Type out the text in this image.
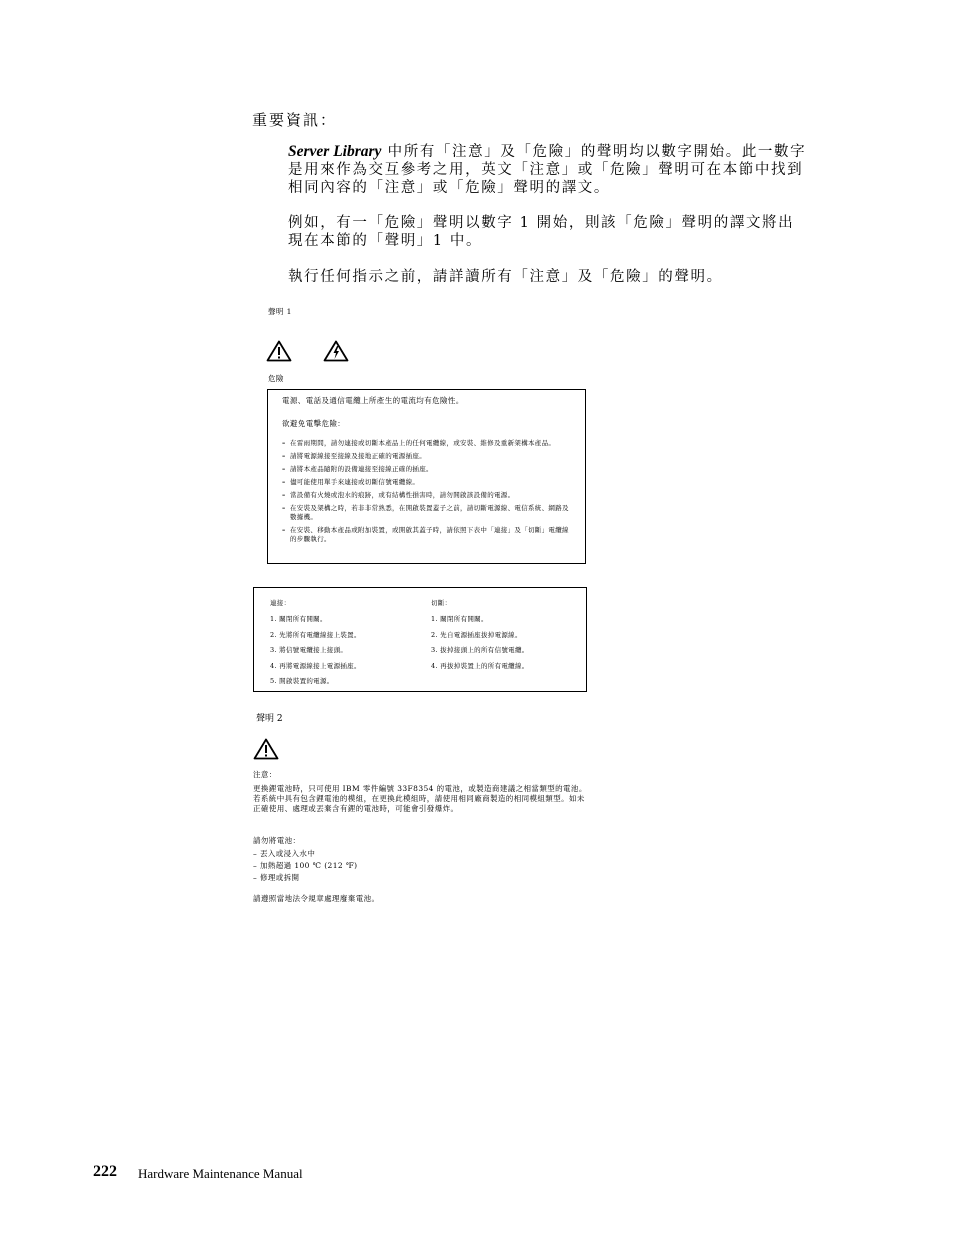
重要資訊：
Server Library 中所有「注意」及「危險」的聲明均以數字開始。此一數字是用來作為交互參考之用，英文「注意」或「危險」聲明可在本節中找到相同內容的「注意」或「危險」聲明的譯文。
例如，有一「危險」聲明以數字 1 開始，則該「危險」聲明的譯文將出現在本節的「聲明」1 中。
執行任何指示之前，請詳讀所有「注意」及「危險」的聲明。
聲明 1
危險
電源、電話及通信電纜上所產生的電流均有危險性。
欲避免電擊危險：
– 在雷雨期間，請勿連接或切斷本產品上的任何電纜線，或安裝、維修及重新架構本產品。
– 請將電源線接至接線及接地正確的電源插座。
– 請將本產品隨附的設備連接至接線正確的插座。
– 儘可能使用單手來連接或切斷信號電纜線。
– 當設備有火燒或泡水的痕跡，或有結構性損害時，請勿開啟該設備的電源。
– 在安裝及架構之時，若非非常熟悉，在開啟裝置蓋子之前，請切斷電源線、電信系統、網路及數據機。
– 在安裝、移動本產品或附加裝置，或開啟其蓋子時，請依照下表中「連接」及「切斷」電纜線的步驟執行。
連接：	切斷：
1. 關閉所有開關。
2. 先將所有電纜線接上裝置。
3. 將信號電纜接上接頭。
4. 再將電源線接上電源插座。
5. 開啟裝置的電源。
1. 關閉所有開關。
2. 先自電源插座拔掉電源線。
3. 拔掉接頭上的所有信號電纜。
4. 再拔掉裝置上的所有電纜線。
聲明 2
注意：
更換鋰電池時，只可使用 IBM 零件編號 33F8354 的電池，或製造商建議之相當類型的電池。若系統中具有包含鋰電池的模組，在更換此模組時，請使用相同廠商製造的相同模組類型。如未正確使用、處理或丟棄含有鋰的電池時，可能會引發爆炸。
請勿將電池：
– 丟入或浸入水中
– 加熱超過 100 ℃ (212 ℉)
– 修理或拆開
請遵照當地法令規章處理廢棄電池。
222 Hardware Maintenance Manual
